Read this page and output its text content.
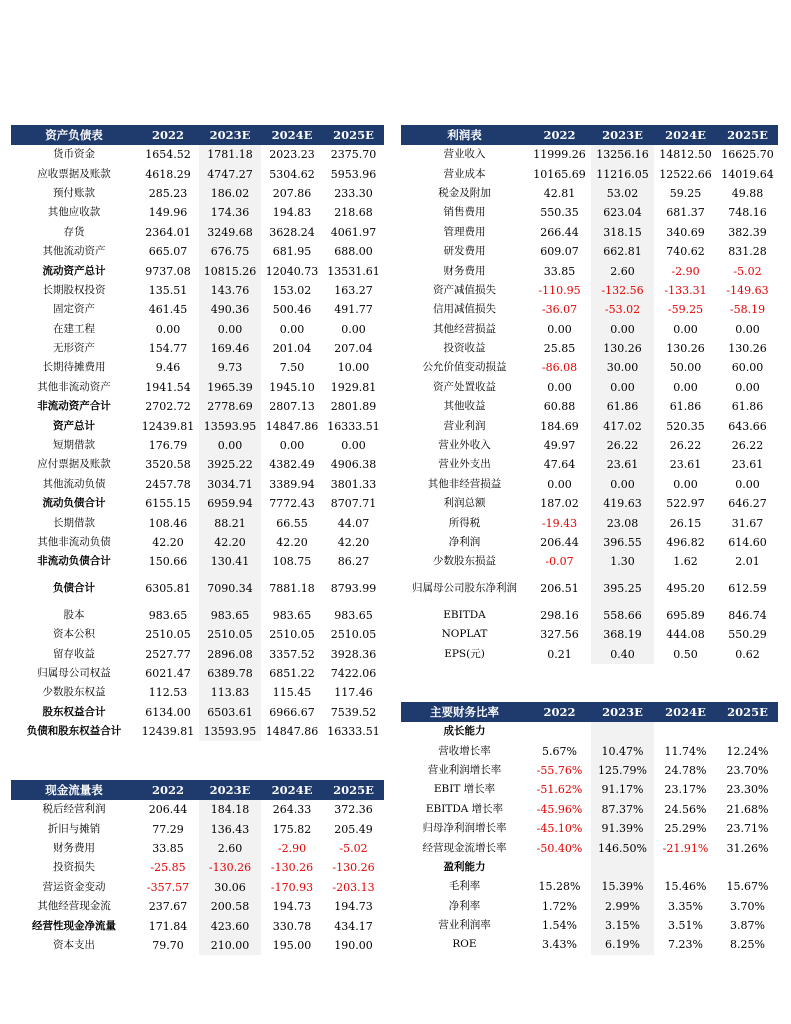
资产负债表	2022	2023E	2024E	2025E
货币资金	1654.52	1781.18	2023.23	2375.70
应收票据及账款	4618.29	4747.27	5304.62	5953.96
预付账款	285.23	186.02	207.86	233.30
其他应收款	149.96	174.36	194.83	218.68
存货	2364.01	3249.68	3628.24	4061.97
其他流动资产	665.07	676.75	681.95	688.00
流动资产总计	9737.08	10815.26	12040.73	13531.61
长期股权投资	135.51	143.76	153.02	163.27
固定资产	461.45	490.36	500.46	491.77
在建工程	0.00	0.00	0.00	0.00
无形资产	154.77	169.46	201.04	207.04
长期待摊费用	9.46	9.73	7.50	10.00
其他非流动资产	1941.54	1965.39	1945.10	1929.81
非流动资产合计	2702.72	2778.69	2807.13	2801.89
资产总计	12439.81	13593.95	14847.86	16333.51
短期借款	176.79	0.00	0.00	0.00
应付票据及账款	3520.58	3925.22	4382.49	4906.38
其他流动负债	2457.78	3034.71	3389.94	3801.33
流动负债合计	6155.15	6959.94	7772.43	8707.71
长期借款	108.46	88.21	66.55	44.07
其他非流动负债	42.20	42.20	42.20	42.20
非流动负债合计	150.66	130.41	108.75	86.27
负债合计	6305.81	7090.34	7881.18	8793.99
股本	983.65	983.65	983.65	983.65
资本公积	2510.05	2510.05	2510.05	2510.05
留存收益	2527.77	2896.08	3357.52	3928.36
归属母公司权益	6021.47	6389.78	6851.22	7422.06
少数股东权益	112.53	113.83	115.45	117.46
股东权益合计	6134.00	6503.61	6966.67	7539.52
负债和股东权益合计	12439.81	13593.95	14847.86	16333.51
利润表	2022	2023E	2024E	2025E
营业收入	11999.26	13256.16	14812.50	16625.70
营业成本	10165.69	11216.05	12522.66	14019.64
税金及附加	42.81	53.02	59.25	49.88
销售费用	550.35	623.04	681.37	748.16
管理费用	266.44	318.15	340.69	382.39
研发费用	609.07	662.81	740.62	831.28
财务费用	33.85	2.60	-2.90	-5.02
资产减值损失	-110.95	-132.56	-133.31	-149.63
信用减值损失	-36.07	-53.02	-59.25	-58.19
其他经营损益	0.00	0.00	0.00	0.00
投资收益	25.85	130.26	130.26	130.26
公允价值变动损益	-86.08	30.00	50.00	60.00
资产处置收益	0.00	0.00	0.00	0.00
其他收益	60.88	61.86	61.86	61.86
营业利润	184.69	417.02	520.35	643.66
营业外收入	49.97	26.22	26.22	26.22
营业外支出	47.64	23.61	23.61	23.61
其他非经营损益	0.00	0.00	0.00	0.00
利润总额	187.02	419.63	522.97	646.27
所得税	-19.43	23.08	26.15	31.67
净利润	206.44	396.55	496.82	614.60
少数股东损益	-0.07	1.30	1.62	2.01
归属母公司股东净利润	206.51	395.25	495.20	612.59
EBITDA	298.16	558.66	695.89	846.74
NOPLAT	327.56	368.19	444.08	550.29
EPS(元)	0.21	0.40	0.50	0.62
现金流量表	2022	2023E	2024E	2025E
税后经营利润	206.44	184.18	264.33	372.36
折旧与摊销	77.29	136.43	175.82	205.49
财务费用	33.85	2.60	-2.90	-5.02
投资损失	-25.85	-130.26	-130.26	-130.26
营运资金变动	-357.57	30.06	-170.93	-203.13
其他经营现金流	237.67	200.58	194.73	194.73
经营性现金净流量	171.84	423.60	330.78	434.17
资本支出	79.70	210.00	195.00	190.00
主要财务比率	2022	2023E	2024E	2025E
成长能力				
营收增长率	5.67%	10.47%	11.74%	12.24%
营业利润增长率	-55.76%	125.79%	24.78%	23.70%
EBIT 增长率	-51.62%	91.17%	23.17%	23.30%
EBITDA 增长率	-45.96%	87.37%	24.56%	21.68%
归母净利润增长率	-45.10%	91.39%	25.29%	23.71%
经营现金流增长率	-50.40%	146.50%	-21.91%	31.26%
盈利能力				
毛利率	15.28%	15.39%	15.46%	15.67%
净利率	1.72%	2.99%	3.35%	3.70%
营业利润率	1.54%	3.15%	3.51%	3.87%
ROE	3.43%	6.19%	7.23%	8.25%
